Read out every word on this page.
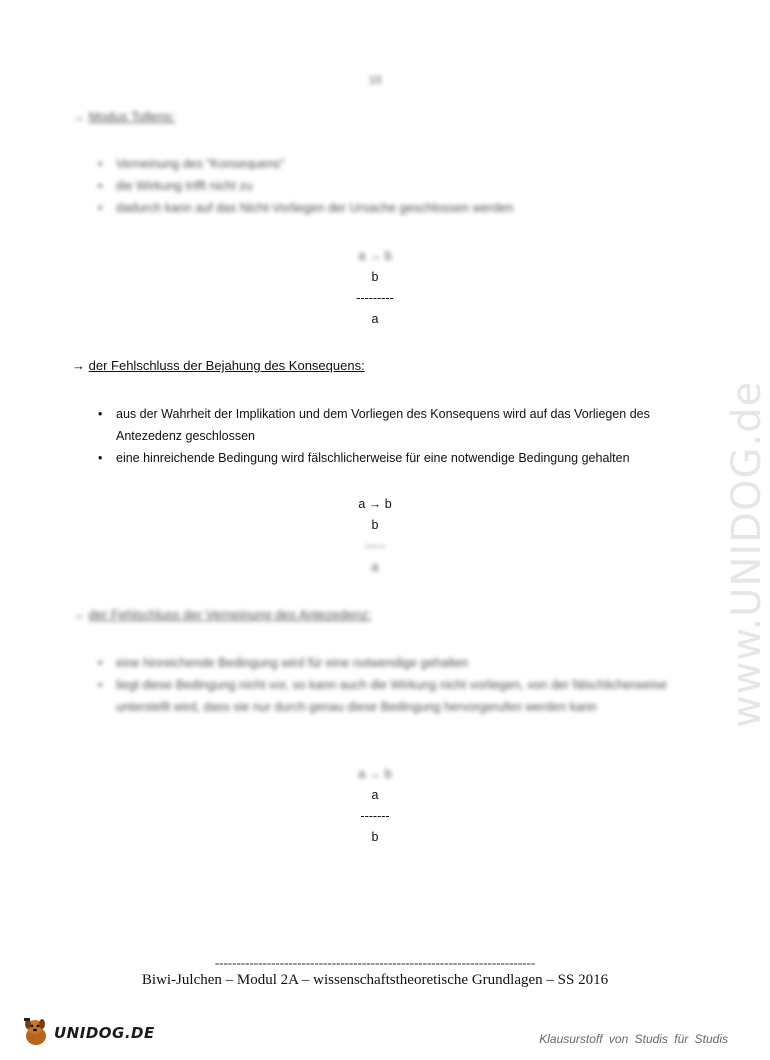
10
→ Modus Tollens:
• Verneinung des "Konsequens"
• die Wirkung trifft nicht zu
• dadurch kann auf das Nicht-Vorliegen der Ursache geschlossen werden
a → b
b
---------
a
→ der Fehlschluss der Bejahung des Konsequens:
• aus der Wahrheit der Implikation und dem Vorliegen des Konsequens wird auf das Vorliegen des Antezedenz geschlossen
• eine hinreichende Bedingung wird fälschlicherweise für eine notwendige Bedingung gehalten
a → b
b
-----
a
→ der Fehlschluss der Verneinung des Antezedenz:
• eine hinreichende Bedingung wird für eine notwendige gehalten
• liegt diese Bedingung nicht vor, so kann auch die Wirkung nicht vorliegen, von der fälschlicherweise unterstellt wird, dass sie nur durch genau diese Bedingung hervorgerufen werden kann
a → b
a
-------
b
www.UNIDOG.de
--------------------------------------------------------------------------
Biwi-Julchen – Modul 2A – wissenschaftstheoretische Grundlagen – SS 2016
UNIDOG.DE	Klausurstoff von Studis für Studis
